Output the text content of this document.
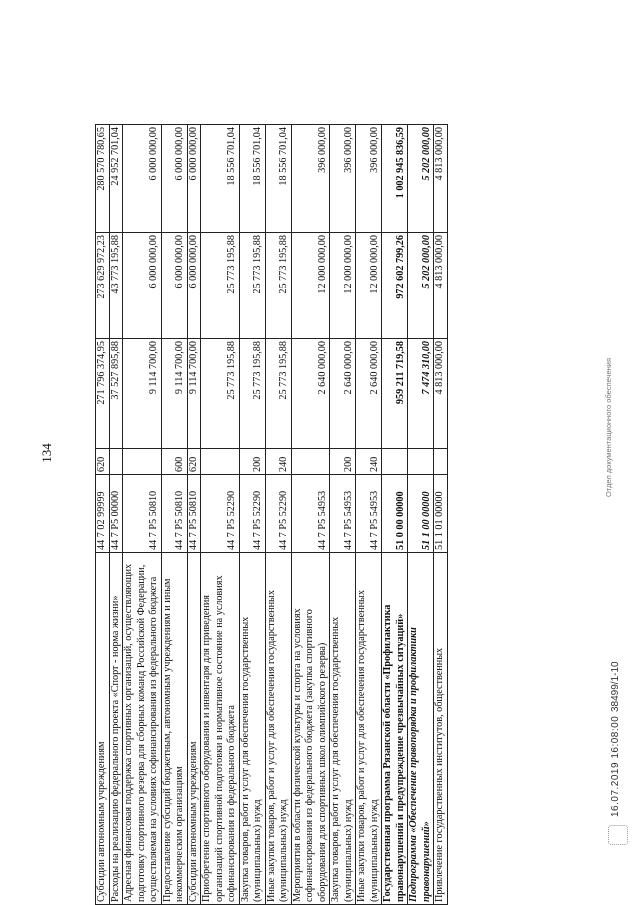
134
Субсидии автономным учреждениям	44 7 02 99999	620	271 796 374,95	273 629 972,23	280 570 780,65
Расходы на реализацию федерального проекта «Спорт - норма жизни»	44 7 P5 00000		37 527 895,88	43 773 195,88	24 952 701,04
Адресная финансовая поддержка спортивных организаций, осуществляющих подготовку спортивного резерва для сборных команд Российской Федерации, осуществляемая на условиях софинансирования из федерального бюджета	44 7 P5 50810		9 114 700,00	6 000 000,00	6 000 000,00
Предоставление субсидий бюджетным, автономным учреждениям и иным некоммерческим организациям	44 7 P5 50810	600	9 114 700,00	6 000 000,00	6 000 000,00
Субсидии автономным учреждениям	44 7 P5 50810	620	9 114 700,00	6 000 000,00	6 000 000,00
Приобретение спортивного оборудования и инвентаря для приведения организаций спортивной подготовки в нормативное состояние на условиях софинансирования из федерального бюджета	44 7 P5 52290		25 773 195,88	25 773 195,88	18 556 701,04
Закупка товаров, работ и услуг для обеспечения государственных (муниципальных) нужд	44 7 P5 52290	200	25 773 195,88	25 773 195,88	18 556 701,04
Иные закупки товаров, работ и услуг для обеспечения государственных (муниципальных) нужд	44 7 P5 52290	240	25 773 195,88	25 773 195,88	18 556 701,04
Мероприятия в области физической культуры и спорта на условиях софинансирования из федерального бюджета (закупка спортивного оборудования для спортивных школ олимпийского резерва)	44 7 P5 54953		2 640 000,00	12 000 000,00	396 000,00
Закупка товаров, работ и услуг для обеспечения государственных (муниципальных) нужд	44 7 P5 54953	200	2 640 000,00	12 000 000,00	396 000,00
Иные закупки товаров, работ и услуг для обеспечения государственных (муниципальных) нужд	44 7 P5 54953	240	2 640 000,00	12 000 000,00	396 000,00
Государственная программа Рязанской области «Профилактика правонарушений и предупреждение чрезвычайных ситуаций»	51 0 00 00000		959 211 719,58	972 602 799,26	1 002 945 836,59
Подпрограмма «Обеспечение правопорядка и профилактики правонарушений»	51 1 00 00000		7 474 310,00	5 202 000,00	5 202 000,00
Привлечение государственных институтов, общественных	51 1 01 00000		4 813 000,00	4 813 000,00	4 813 000,00
16.07.2019 16:08:00
38499/1-10
Отдел документационного обеспечения
